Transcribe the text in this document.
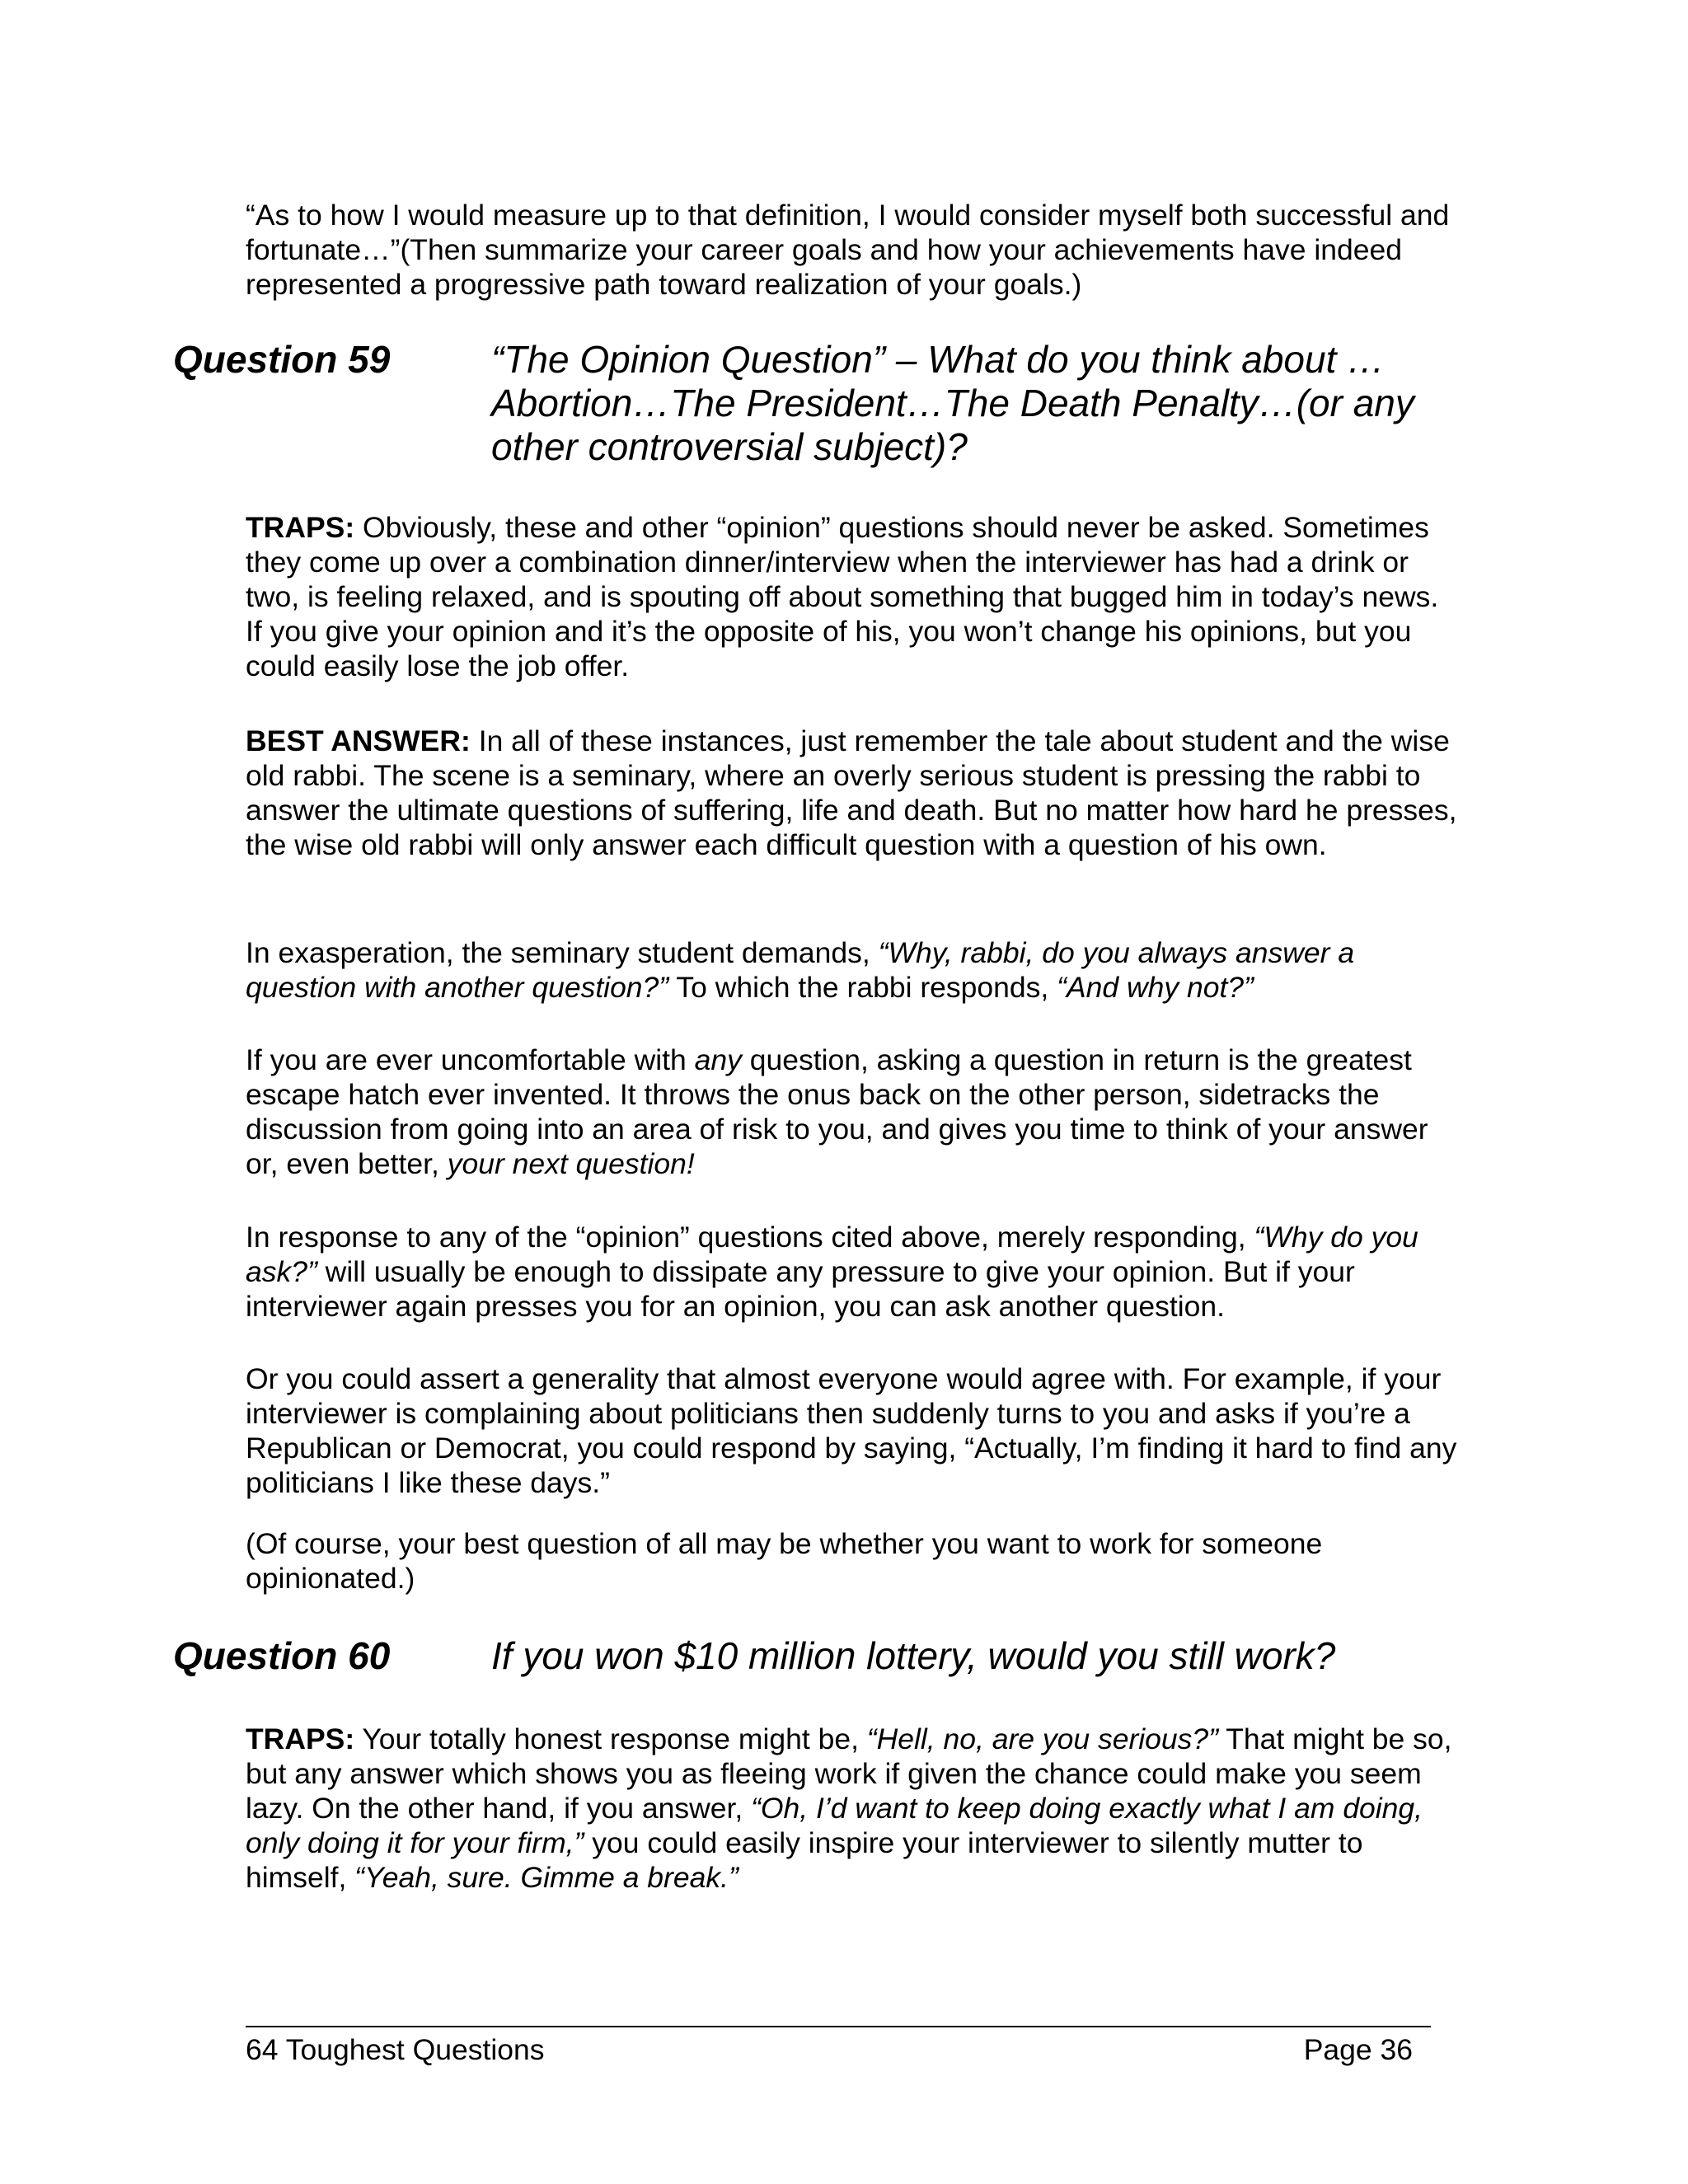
“As to how I would measure up to that definition, I would consider myself both successful and fortunate…”(Then summarize your career goals and how your achievements have indeed represented a progressive path toward realization of your goals.)

Question 59	“The Opinion Question” – What do you think about … Abortion…The President…The Death Penalty…(or any other controversial subject)?

TRAPS: Obviously, these and other “opinion” questions should never be asked. Sometimes they come up over a combination dinner/interview when the interviewer has had a drink or two, is feeling relaxed, and is spouting off about something that bugged him in today’s news. If you give your opinion and it’s the opposite of his, you won’t change his opinions, but you could easily lose the job offer.

BEST ANSWER: In all of these instances, just remember the tale about student and the wise old rabbi. The scene is a seminary, where an overly serious student is pressing the rabbi to answer the ultimate questions of suffering, life and death. But no matter how hard he presses, the wise old rabbi will only answer each difficult question with a question of his own.

In exasperation, the seminary student demands, “Why, rabbi, do you always answer a question with another question?” To which the rabbi responds, “And why not?”

If you are ever uncomfortable with any question, asking a question in return is the greatest escape hatch ever invented. It throws the onus back on the other person, sidetracks the discussion from going into an area of risk to you, and gives you time to think of your answer or, even better, your next question!

In response to any of the “opinion” questions cited above, merely responding, “Why do you ask?” will usually be enough to dissipate any pressure to give your opinion. But if your interviewer again presses you for an opinion, you can ask another question.

Or you could assert a generality that almost everyone would agree with. For example, if your interviewer is complaining about politicians then suddenly turns to you and asks if you’re a Republican or Democrat, you could respond by saying, “Actually, I’m finding it hard to find any politicians I like these days.”

(Of course, your best question of all may be whether you want to work for someone opinionated.)

Question 60	If you won $10 million lottery, would you still work?

TRAPS: Your totally honest response might be, “Hell, no, are you serious?” That might be so, but any answer which shows you as fleeing work if given the chance could make you seem lazy. On the other hand, if you answer, “Oh, I’d want to keep doing exactly what I am doing, only doing it for your firm,” you could easily inspire your interviewer to silently mutter to himself, “Yeah, sure. Gimme a break.”

64 Toughest Questions	Page 36
